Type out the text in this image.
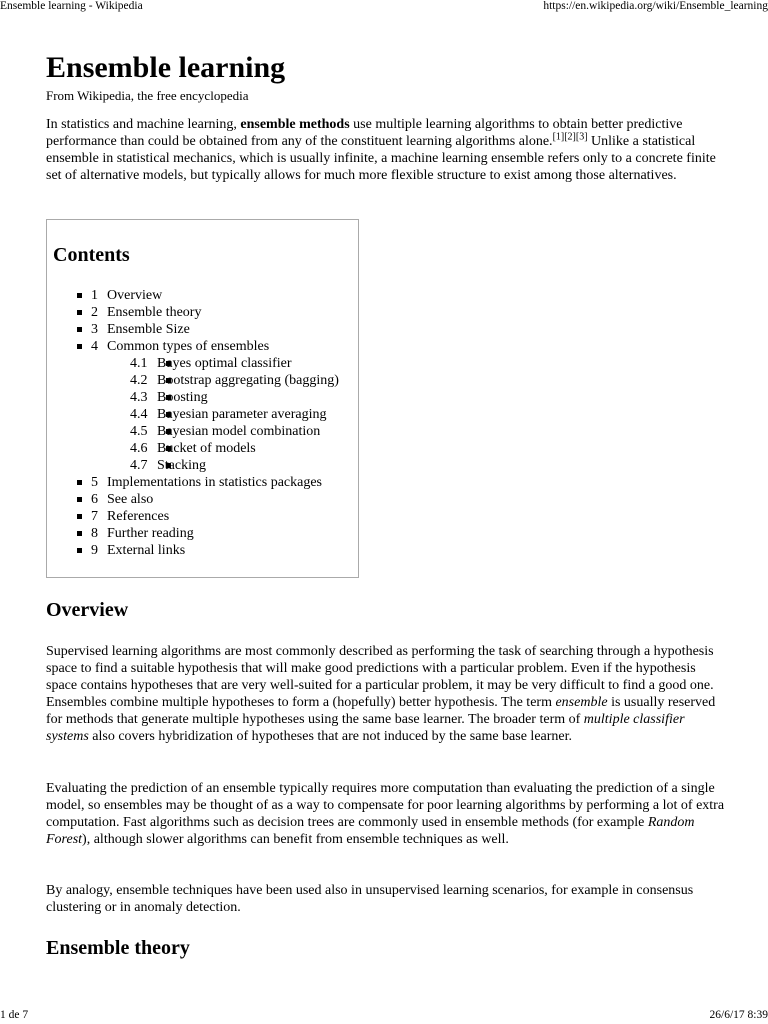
Ensemble learning - Wikipedia	https://en.wikipedia.org/wiki/Ensemble_learning
Ensemble learning
From Wikipedia, the free encyclopedia

In statistics and machine learning, ensemble methods use multiple learning algorithms to obtain better predictive performance than could be obtained from any of the constituent learning algorithms alone.[1][2][3] Unlike a statistical ensemble in statistical mechanics, which is usually infinite, a machine learning ensemble refers only to a concrete finite set of alternative models, but typically allows for much more flexible structure to exist among those alternatives.

Contents
1 Overview
2 Ensemble theory
3 Ensemble Size
4 Common types of ensembles
4.1 Bayes optimal classifier
4.2 Bootstrap aggregating (bagging)
4.3 Boosting
4.4 Bayesian parameter averaging
4.5 Bayesian model combination
4.6 Bucket of models
4.7 Stacking
5 Implementations in statistics packages
6 See also
7 References
8 Further reading
9 External links
Overview

Supervised learning algorithms are most commonly described as performing the task of searching through a hypothesis space to find a suitable hypothesis that will make good predictions with a particular problem. Even if the hypothesis space contains hypotheses that are very well-suited for a particular problem, it may be very difficult to find a good one. Ensembles combine multiple hypotheses to form a (hopefully) better hypothesis. The term ensemble is usually reserved for methods that generate multiple hypotheses using the same base learner. The broader term of multiple classifier systems also covers hybridization of hypotheses that are not induced by the same base learner.

Evaluating the prediction of an ensemble typically requires more computation than evaluating the prediction of a single model, so ensembles may be thought of as a way to compensate for poor learning algorithms by performing a lot of extra computation. Fast algorithms such as decision trees are commonly used in ensemble methods (for example Random Forest), although slower algorithms can benefit from ensemble techniques as well.

By analogy, ensemble techniques have been used also in unsupervised learning scenarios, for example in consensus clustering or in anomaly detection.

Ensemble theory
1 de 7	26/6/17 8:39
